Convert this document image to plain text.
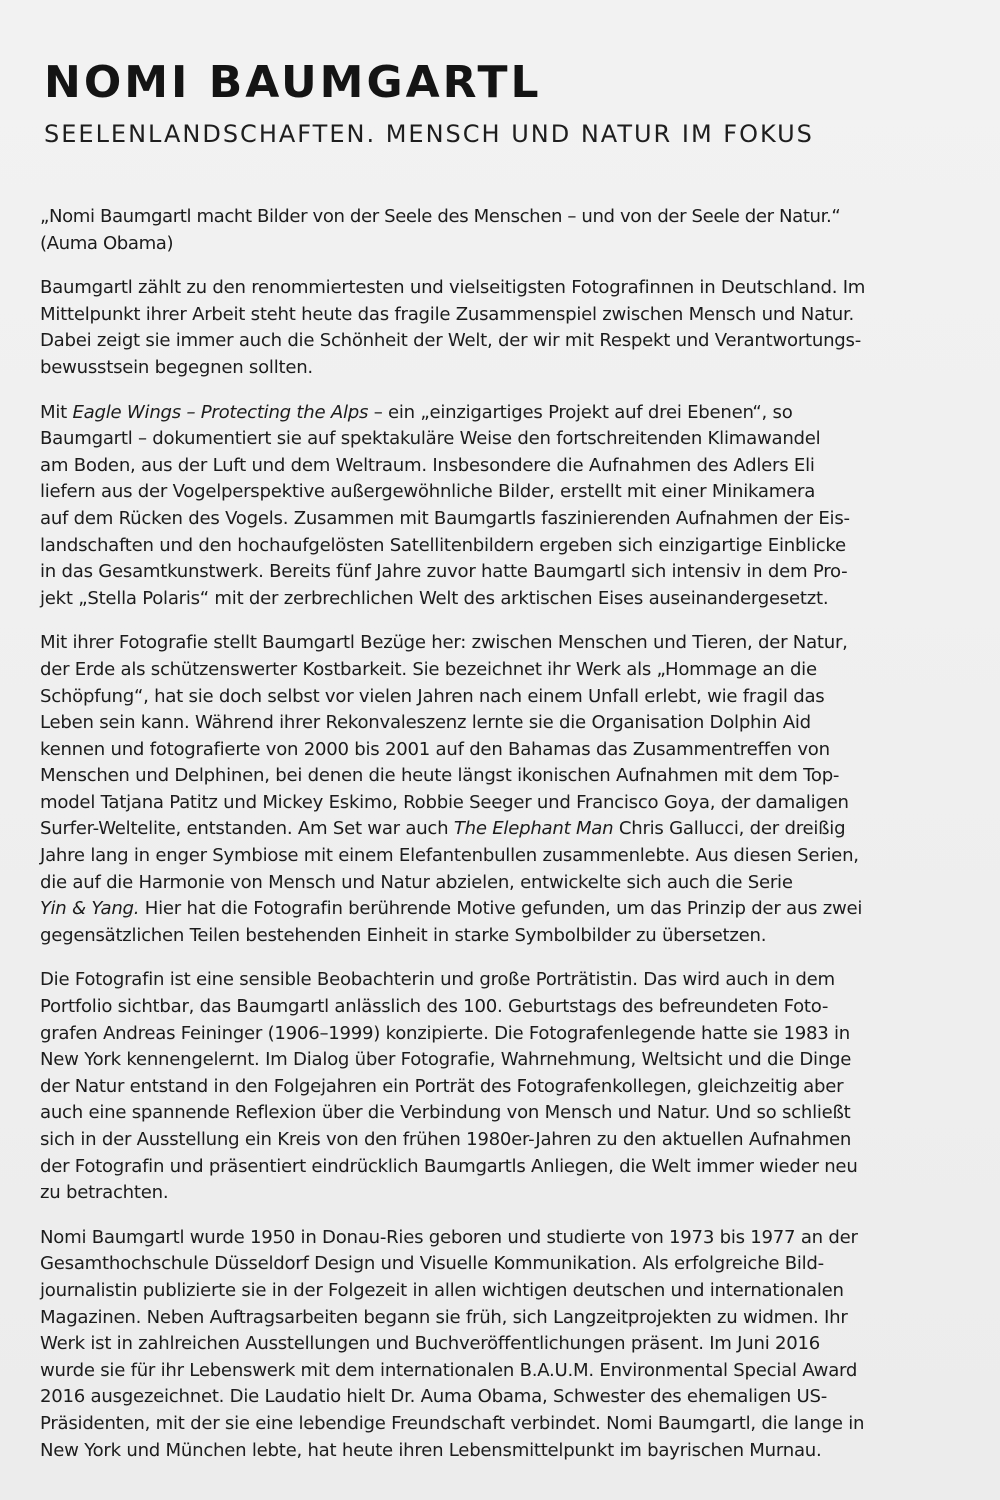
NOMI BAUMGARTL
SEELENLANDSCHAFTEN. MENSCH UND NATUR IM FOKUS

„Nomi Baumgartl macht Bilder von der Seele des Menschen – und von der Seele der Natur.“
(Auma Obama)

Baumgartl zählt zu den renommiertesten und vielseitigsten Fotografinnen in Deutschland. Im
Mittelpunkt ihrer Arbeit steht heute das fragile Zusammenspiel zwischen Mensch und Natur.
Dabei zeigt sie immer auch die Schönheit der Welt, der wir mit Respekt und Verantwortungs-
bewusstsein begegnen sollten.

Mit Eagle Wings – Protecting the Alps – ein „einzigartiges Projekt auf drei Ebenen“, so
Baumgartl – dokumentiert sie auf spektakuläre Weise den fortschreitenden Klimawandel
am Boden, aus der Luft und dem Weltraum. Insbesondere die Aufnahmen des Adlers Eli
liefern aus der Vogelperspektive außergewöhnliche Bilder, erstellt mit einer Minikamera
auf dem Rücken des Vogels. Zusammen mit Baumgartls faszinierenden Aufnahmen der Eis-
landschaften und den hochaufgelösten Satellitenbildern ergeben sich einzigartige Einblicke
in das Gesamtkunstwerk. Bereits fünf Jahre zuvor hatte Baumgartl sich intensiv in dem Pro-
jekt „Stella Polaris“ mit der zerbrechlichen Welt des arktischen Eises auseinandergesetzt.

Mit ihrer Fotografie stellt Baumgartl Bezüge her: zwischen Menschen und Tieren, der Natur,
der Erde als schützenswerter Kostbarkeit. Sie bezeichnet ihr Werk als „Hommage an die
Schöpfung“, hat sie doch selbst vor vielen Jahren nach einem Unfall erlebt, wie fragil das
Leben sein kann. Während ihrer Rekonvaleszenz lernte sie die Organisation Dolphin Aid
kennen und fotografierte von 2000 bis 2001 auf den Bahamas das Zusammentreffen von
Menschen und Delphinen, bei denen die heute längst ikonischen Aufnahmen mit dem Top-
model Tatjana Patitz und Mickey Eskimo, Robbie Seeger und Francisco Goya, der damaligen
Surfer-Weltelite, entstanden. Am Set war auch The Elephant Man Chris Gallucci, der dreißig
Jahre lang in enger Symbiose mit einem Elefantenbullen zusammenlebte. Aus diesen Serien,
die auf die Harmonie von Mensch und Natur abzielen, entwickelte sich auch die Serie
Yin & Yang. Hier hat die Fotografin berührende Motive gefunden, um das Prinzip der aus zwei
gegensätzlichen Teilen bestehenden Einheit in starke Symbolbilder zu übersetzen.

Die Fotografin ist eine sensible Beobachterin und große Porträtistin. Das wird auch in dem
Portfolio sichtbar, das Baumgartl anlässlich des 100. Geburtstags des befreundeten Foto-
grafen Andreas Feininger (1906–1999) konzipierte. Die Fotografenlegende hatte sie 1983 in
New York kennengelernt. Im Dialog über Fotografie, Wahrnehmung, Weltsicht und die Dinge
der Natur entstand in den Folgejahren ein Porträt des Fotografenkollegen, gleichzeitig aber
auch eine spannende Reflexion über die Verbindung von Mensch und Natur. Und so schließt
sich in der Ausstellung ein Kreis von den frühen 1980er-Jahren zu den aktuellen Aufnahmen
der Fotografin und präsentiert eindrücklich Baumgartls Anliegen, die Welt immer wieder neu
zu betrachten.

Nomi Baumgartl wurde 1950 in Donau-Ries geboren und studierte von 1973 bis 1977 an der
Gesamthochschule Düsseldorf Design und Visuelle Kommunikation. Als erfolgreiche Bild-
journalistin publizierte sie in der Folgezeit in allen wichtigen deutschen und internationalen
Magazinen. Neben Auftragsarbeiten begann sie früh, sich Langzeitprojekten zu widmen. Ihr
Werk ist in zahlreichen Ausstellungen und Buchveröffentlichungen präsent. Im Juni 2016
wurde sie für ihr Lebenswerk mit dem internationalen B.A.U.M. Environmental Special Award
2016 ausgezeichnet. Die Laudatio hielt Dr. Auma Obama, Schwester des ehemaligen US-
Präsidenten, mit der sie eine lebendige Freundschaft verbindet. Nomi Baumgartl, die lange in
New York und München lebte, hat heute ihren Lebensmittelpunkt im bayrischen Murnau.
